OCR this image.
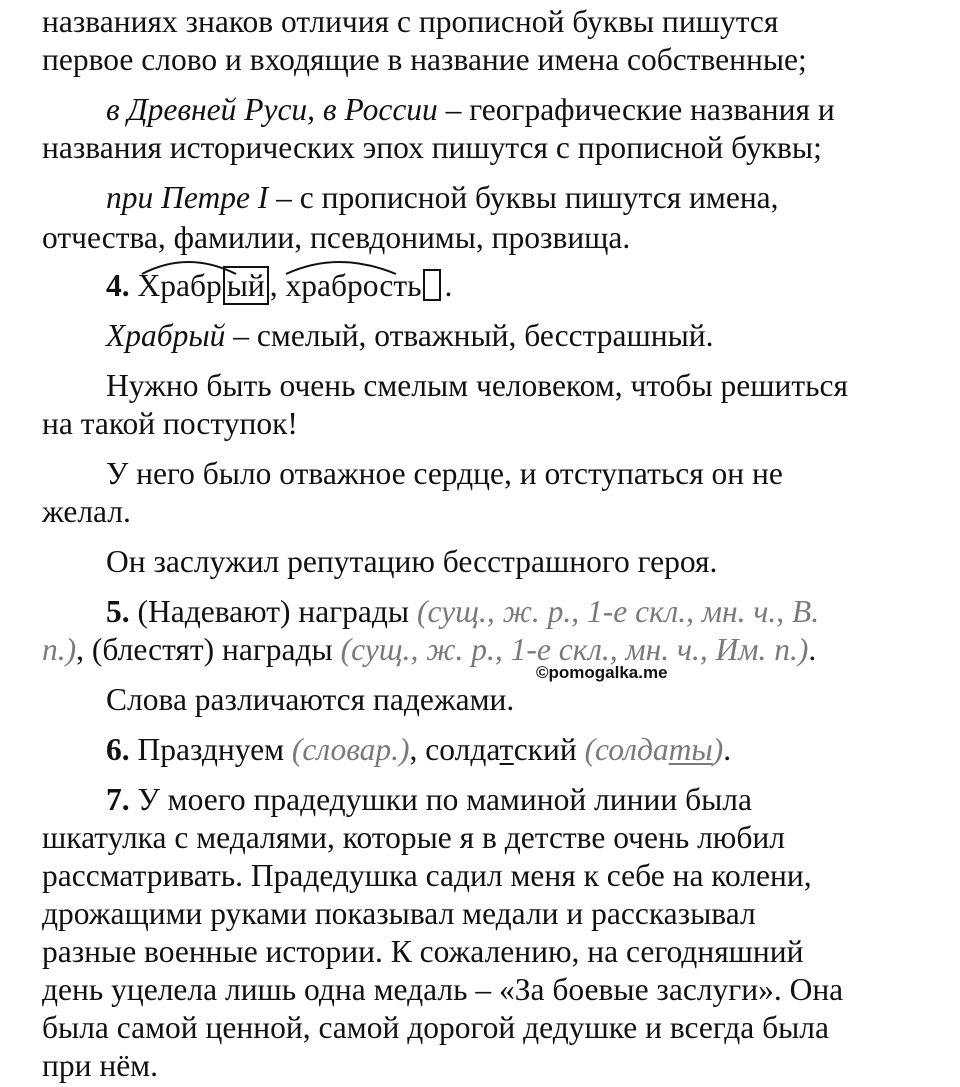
названиях знаков отличия с прописной буквы пишутся
первое слово и входящие в название имена собственные;
в Древней Руси, в России – географические названия и
названия исторических эпох пишутся с прописной буквы;
при Петре I – с прописной буквы пишутся имена,
отчества, фамилии, псевдонимы, прозвища.
4. Храбр ый , храбрость .
Храбрый – смелый, отважный, бесстрашный.
Нужно быть очень смелым человеком, чтобы решиться
на такой поступок!
У него было отважное сердце, и отступаться он не
желал.
Он заслужил репутацию бесстрашного героя.
5. (Надевают) награды (сущ., ж. р., 1-е скл., мн. ч., В.
п.), (блестят) награды (сущ., ж. р., 1-е скл., мн. ч., Им. п.).
©pomogalka.me
Слова различаются падежами.
6. Празднуем (словар.), солдатский (солдаты).
7. У моего прадедушки по маминой линии была
шкатулка с медалями, которые я в детстве очень любил
рассматривать. Прадедушка садил меня к себе на колени,
дрожащими руками показывал медали и рассказывал
разные военные истории. К сожалению, на сегодняшний
день уцелела лишь одна медаль – «За боевые заслуги». Она
была самой ценной, самой дорогой дедушке и всегда была
при нём.
